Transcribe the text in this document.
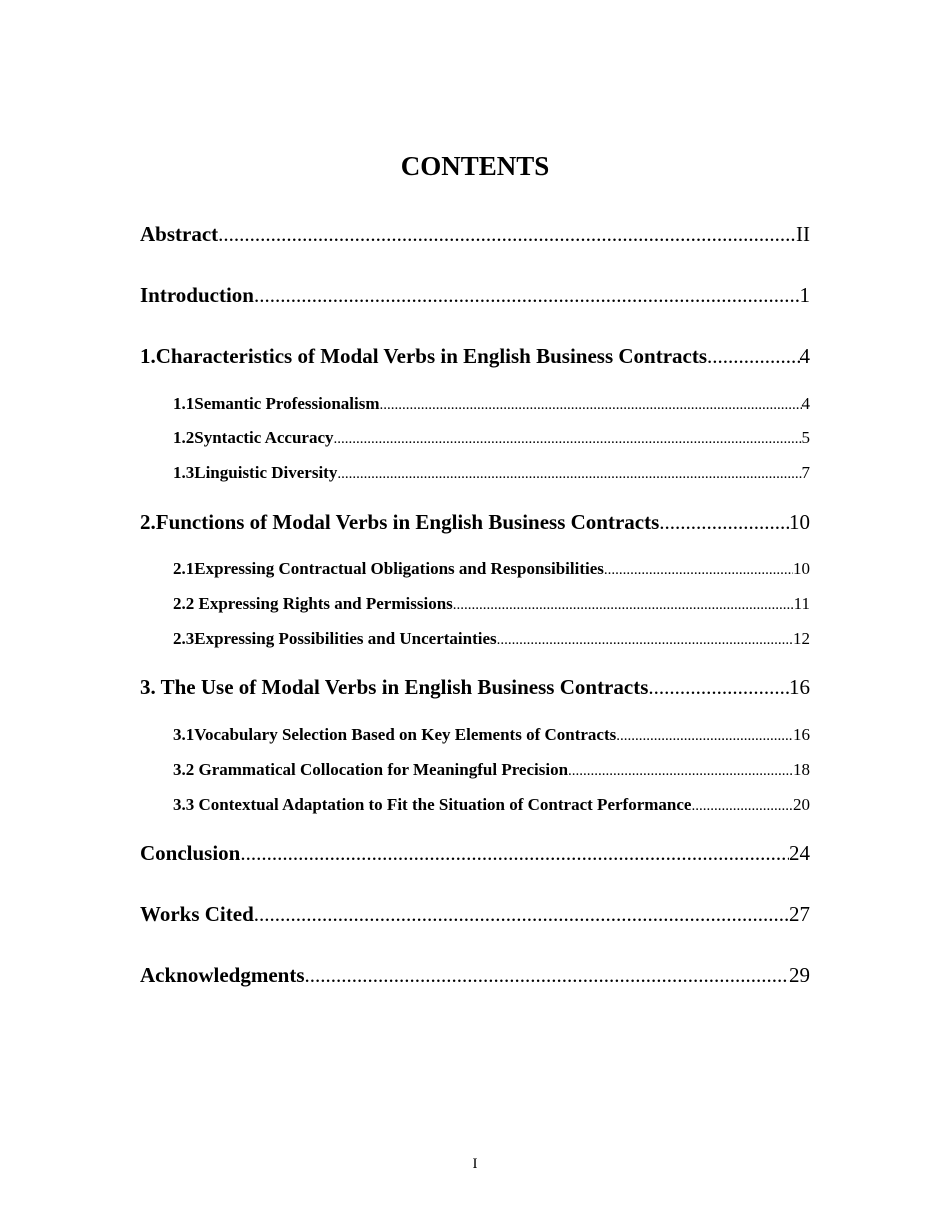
CONTENTS
Abstract .....	II
Introduction .....	1
1.Characteristics of Modal Verbs in English Business Contracts .....	4
1.1Semantic Professionalism .....	4
1.2Syntactic Accuracy .....	5
1.3Linguistic Diversity .....	7
2.Functions of Modal Verbs in English Business Contracts .....	10
2.1Expressing Contractual Obligations and Responsibilities .....	10
2.2 Expressing Rights and Permissions .....	11
2.3Expressing Possibilities and Uncertainties .....	12
3. The Use of Modal Verbs in English Business Contracts .....	16
3.1Vocabulary Selection Based on Key Elements of Contracts .....	16
3.2 Grammatical Collocation for Meaningful Precision .....	18
3.3 Contextual Adaptation to Fit the Situation of Contract Performance .....	20
Conclusion .....	24
Works Cited .....	27
Acknowledgments .....	29
I
